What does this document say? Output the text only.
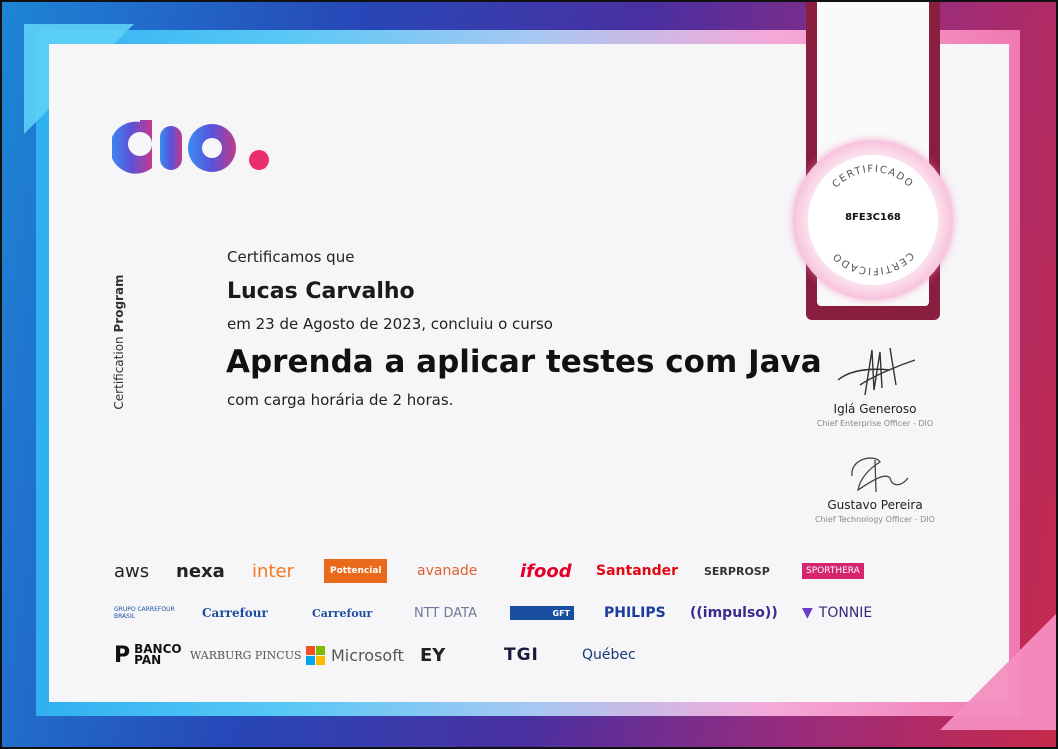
dio.
Certification Program
Certificamos que
Lucas Carvalho
em 23 de Agosto de 2023, concluiu o curso
Aprenda a aplicar testes com Java
com carga horária de 2 horas.
CERTIFICADO
CERTIFICADO
8FE3C168
Iglá Generoso
Chief Enterprise Officer - DIO
Gustavo Pereira
Chief Technology Officer - DIO
aws nexa inter	Pottencial	avanade ifood Santander SERPROSP	SPORTHERA
GRUPO CARREFOUR BRASIL	Carrefour	Carrefour	NTT DATA	GFT PHILIPS ((impulso)) ▼ TONNIE
P BANCO PAN	WARBURG PINCUS Microsoft EY	TGI	Québec
